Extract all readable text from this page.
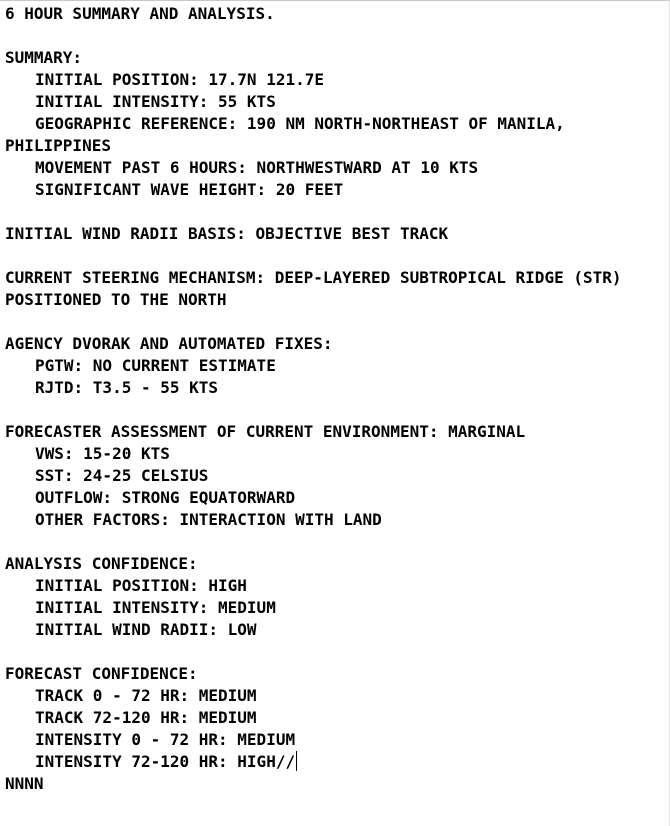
6 HOUR SUMMARY AND ANALYSIS.
SUMMARY:
INITIAL POSITION: 17.7N 121.7E
INITIAL INTENSITY: 55 KTS
GEOGRAPHIC REFERENCE: 190 NM NORTH-NORTHEAST OF MANILA,
PHILIPPINES
MOVEMENT PAST 6 HOURS: NORTHWESTWARD AT 10 KTS
SIGNIFICANT WAVE HEIGHT: 20 FEET
INITIAL WIND RADII BASIS: OBJECTIVE BEST TRACK
CURRENT STEERING MECHANISM: DEEP-LAYERED SUBTROPICAL RIDGE (STR)
POSITIONED TO THE NORTH
AGENCY DVORAK AND AUTOMATED FIXES:
PGTW: NO CURRENT ESTIMATE
RJTD: T3.5 - 55 KTS
FORECASTER ASSESSMENT OF CURRENT ENVIRONMENT: MARGINAL
VWS: 15-20 KTS
SST: 24-25 CELSIUS
OUTFLOW: STRONG EQUATORWARD
OTHER FACTORS: INTERACTION WITH LAND
ANALYSIS CONFIDENCE:
INITIAL POSITION: HIGH
INITIAL INTENSITY: MEDIUM
INITIAL WIND RADII: LOW
FORECAST CONFIDENCE:
TRACK 0 - 72 HR: MEDIUM
TRACK 72-120 HR: MEDIUM
INTENSITY 0 - 72 HR: MEDIUM
INTENSITY 72-120 HR: HIGH//
NNNN
